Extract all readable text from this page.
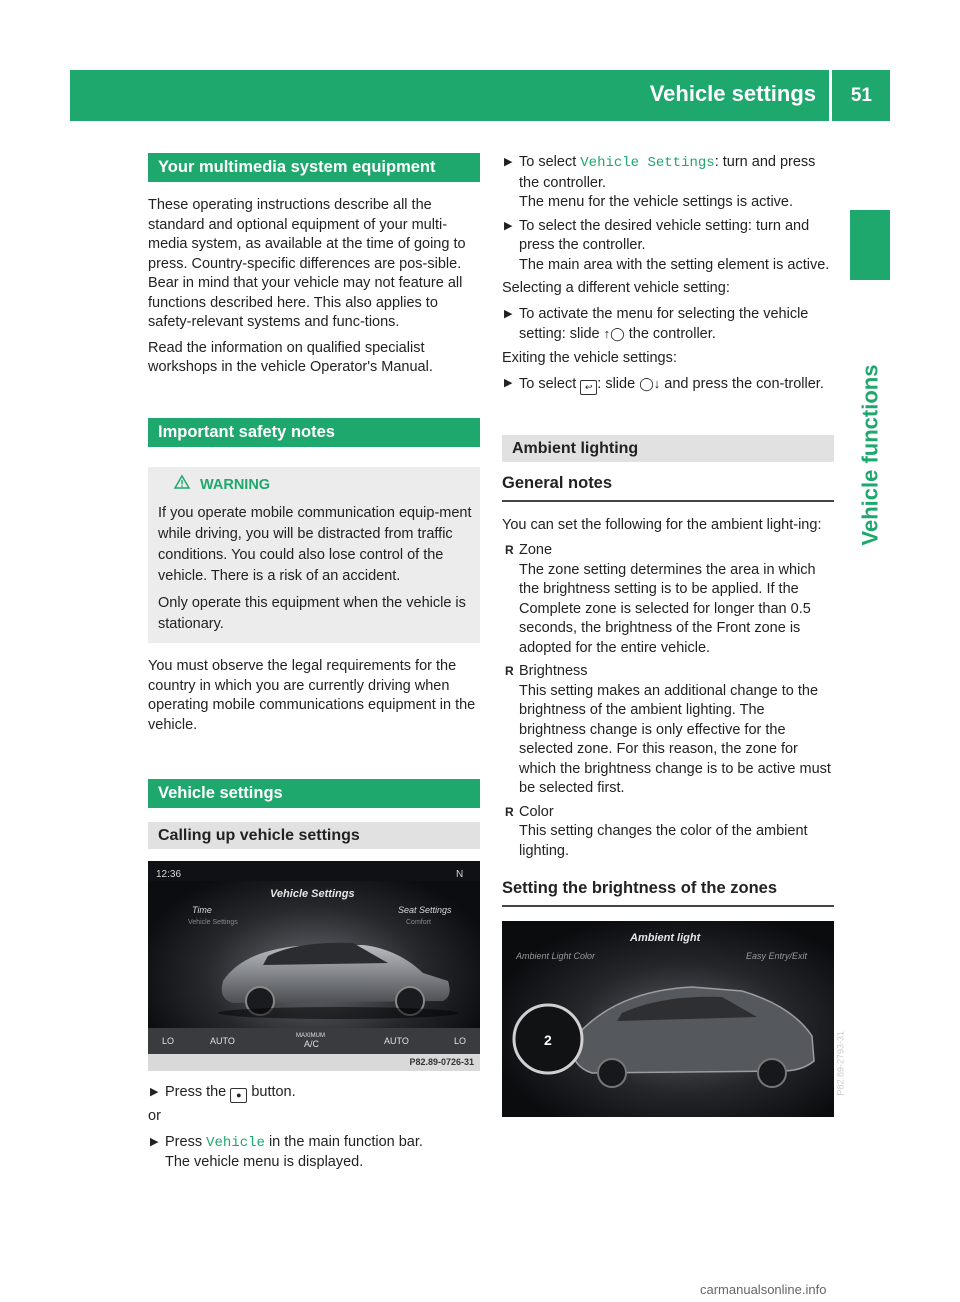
Vehicle settings 51
Vehicle functions
Your multimedia system equipment

These operating instructions describe all the standard and optional equipment of your multi-media system, as available at the time of going to press. Country-specific differences are pos-sible. Bear in mind that your vehicle may not feature all functions described here. This also applies to safety-relevant systems and func-tions.

Read the information on qualified specialist workshops in the vehicle Operator's Manual.

Important safety notes
WARNING

If you operate mobile communication equip-ment while driving, you will be distracted from traffic conditions. You could also lose control of the vehicle. There is a risk of an accident.

Only operate this equipment when the vehicle is stationary.

You must observe the legal requirements for the country in which you are currently driving when operating mobile communications equipment in the vehicle.

Vehicle settings
Calling up vehicle settings
12:36	N
Vehicle Settings
Time
Vehicle Settings
Seat Settings
Comfort
LO	AUTO	MAXIMUM
A/C	AUTO	LO
P82.89-0726-31
▶ Press the ● button.

or

▶ Press Vehicle in the main function bar.
The vehicle menu is displayed.
▶ To select Vehicle Settings: turn and press the controller.
The menu for the vehicle settings is active.
▶ To select the desired vehicle setting: turn and press the controller.
The main area with the setting element is active.

Selecting a different vehicle setting:

▶ To activate the menu for selecting the vehicle setting: slide ↑◯ the controller.

Exiting the vehicle settings:

▶ To select ↩ : slide ◯↓ and press the con-troller.
Ambient lighting
General notes

You can set the following for the ambient light-ing:

R Zone
The zone setting determines the area in which the brightness setting is to be applied. If the Complete zone is selected for longer than 0.5 seconds, the brightness of the Front zone is adopted for the entire vehicle.
R Brightness
This setting makes an additional change to the brightness of the ambient lighting. The brightness change is only effective for the selected zone. For this reason, the zone for which the brightness change is to be active must be selected first.
R Color
This setting changes the color of the ambient lighting.
Setting the brightness of the zones
Ambient light
Ambient Light Color	Easy Entry/Exit
2	P82.89-2793-31
carmanualsonline.info
